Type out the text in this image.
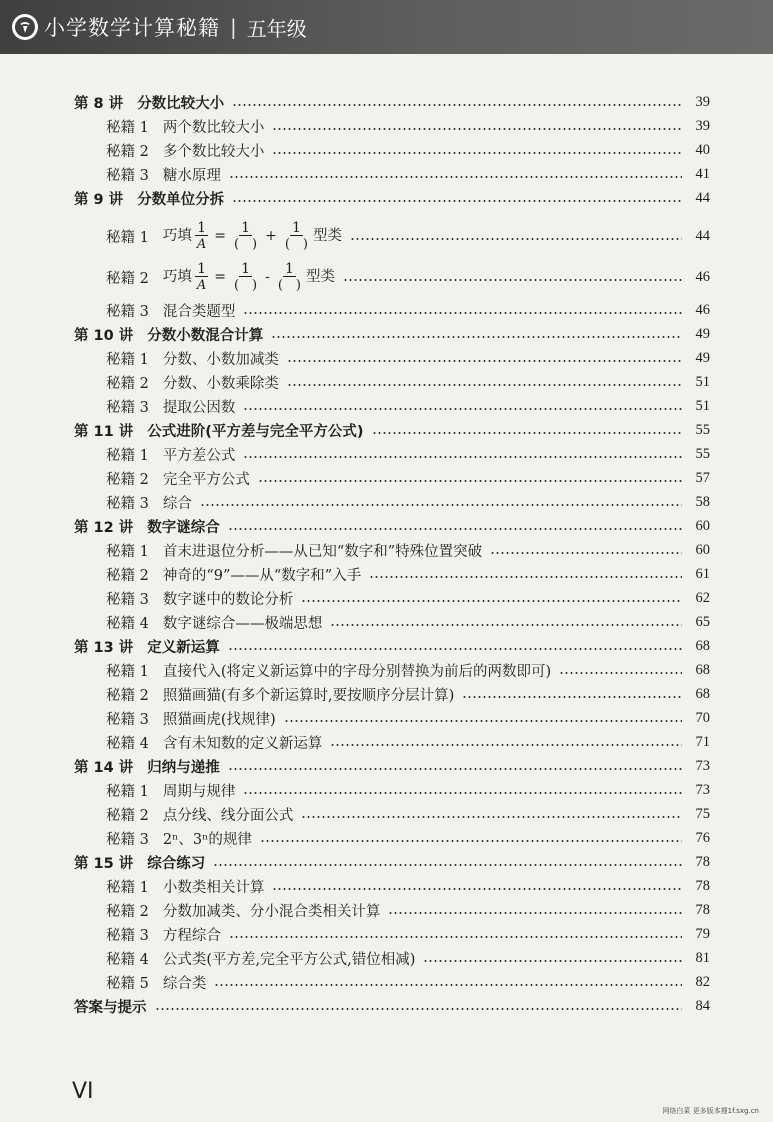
小学数学计算秘籍 | 五年级
第 8 讲 分数比较大小	39
秘籍 1 两个数比较大小	39
秘籍 2 多个数比较大小	40
秘籍 3 糖水原理	41
第 9 讲 分数单位分拆	44
秘籍 1 巧填 $\frac{1}{A} = \frac{1}{( )} + \frac{1}{( )}$ 型类	44
秘籍 2 巧填 $\frac{1}{A} = \frac{1}{( )} - \frac{1}{( )}$ 型类	46
秘籍 3 混合类题型	46
第 10 讲 分数小数混合计算	49
秘籍 1 分数、小数加减类	49
秘籍 2 分数、小数乘除类	51
秘籍 3 提取公因数	51
第 11 讲 公式进阶(平方差与完全平方公式)	55
秘籍 1 平方差公式	55
秘籍 2 完全平方公式	57
秘籍 3 综合	58
第 12 讲 数字谜综合	60
秘籍 1 首末进退位分析——从已知“数字和”特殊位置突破	60
秘籍 2 神奇的“9”——从“数字和”入手	61
秘籍 3 数字谜中的数论分析	62
秘籍 4 数字谜综合——极端思想	65
第 13 讲 定义新运算	68
秘籍 1 直接代入(将定义新运算中的字母分别替换为前后的两数即可)	68
秘籍 2 照猫画猫(有多个新运算时,要按顺序分层计算)	68
秘籍 3 照猫画虎(找规律)	70
秘籍 4 含有未知数的定义新运算	71
第 14 讲 归纳与递推	73
秘籍 1 周期与规律	73
秘籍 2 点分线、线分面公式	75
秘籍 3 2ⁿ、3ⁿ的规律	76
第 15 讲 综合练习	78
秘籍 1 小数类相关计算	78
秘籍 2 分数加减类、分小混合类相关计算	78
秘籍 3 方程综合	79
秘籍 4 公式类(平方差,完全平方公式,错位相减)	81
秘籍 5 综合类	82
答案与提示	84
VI
网络白菜 更多版本搜1f.sxg.cn
